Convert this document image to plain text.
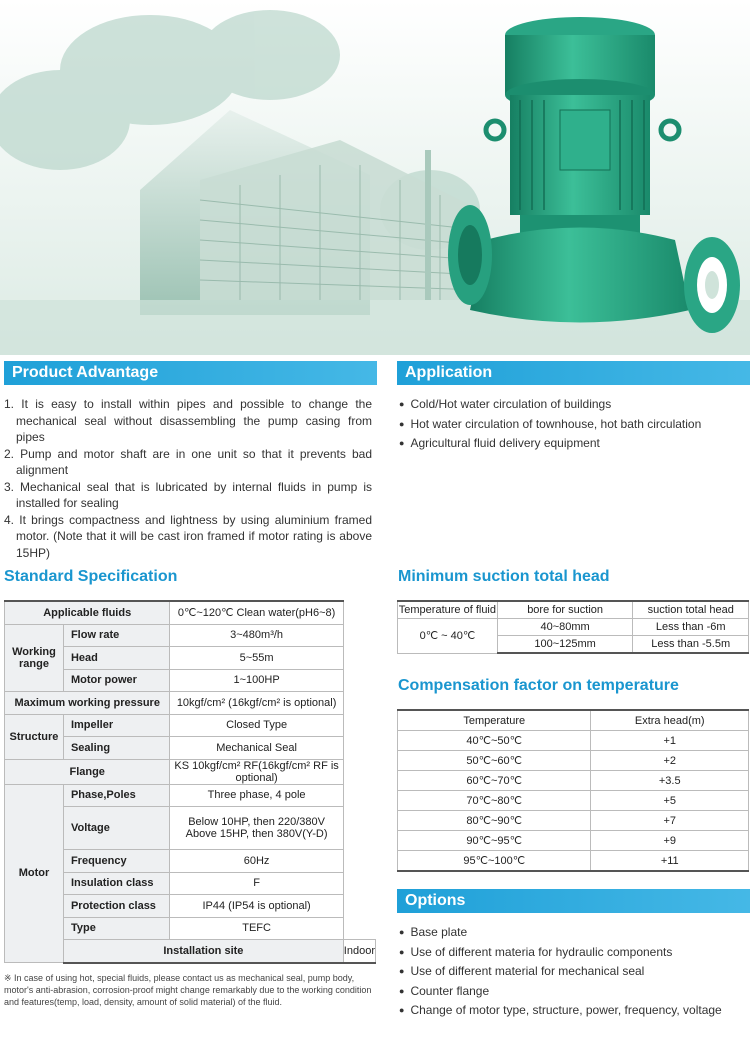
Product Advantage
1. It is easy to install within pipes and possible to change the mechanical seal without disassembling the pump casing from pipes
2. Pump and motor shaft are in one unit so that it prevents bad alignment
3. Mechanical seal that is lubricated by internal fluids in pump is installed for sealing
4. It brings compactness and lightness by using aluminium framed motor. (Note that it will be cast iron framed if motor rating is above 15HP)
Application
● Cold/Hot water circulation of buildings
● Hot water circulation of townhouse, hot bath circulation
● Agricultural fluid delivery equipment
Standard Specification
Applicable fluids		0℃~120℃ Clean water(pH6~8)	
Working range	Flow rate	3~480m³/h	
	Head	5~55m	
	Motor power	1~100HP	
Maximum working pressure		10kgf/cm² (16kgf/cm² is optional)	
Structure	Impeller	Closed Type	
	Sealing	Mechanical Seal	
Flange		KS 10kgf/cm² RF(16kgf/cm² RF is optional)	
Motor	Phase,Poles	Three phase, 4 pole	
	Voltage	Below 10HP, then 220/380V
Above 15HP, then 380V(Y-D)	

	Frequency	60Hz	
	Insulation class	F	
	Protection class	IP44 (IP54 is optional)	
	Type	TEFC	
	Installation site		Indoor
※ In case of using hot, special fluids, please contact us as mechanical seal, pump body, motor's anti-abrasion, corrosion-proof might change remarkably due to the working condition and features(temp, load, density, amount of solid material) of the fluid.
Minimum suction total head
Temperature of fluid	bore for suction	suction total head
0℃ ~ 40℃	40~80mm	Less than -6m
	100~125mm	Less than -5.5m
Compensation factor on temperature
Temperature	Extra head(m)
40℃~50℃	+1
50℃~60℃	+2
60℃~70℃	+3.5
70℃~80℃	+5
80℃~90℃	+7
90℃~95℃	+9
95℃~100℃	+11
Options
● Base plate
● Use of different materia for hydraulic components
● Use of different material for mechanical seal
● Counter flange
● Change of motor type, structure, power, frequency, voltage
